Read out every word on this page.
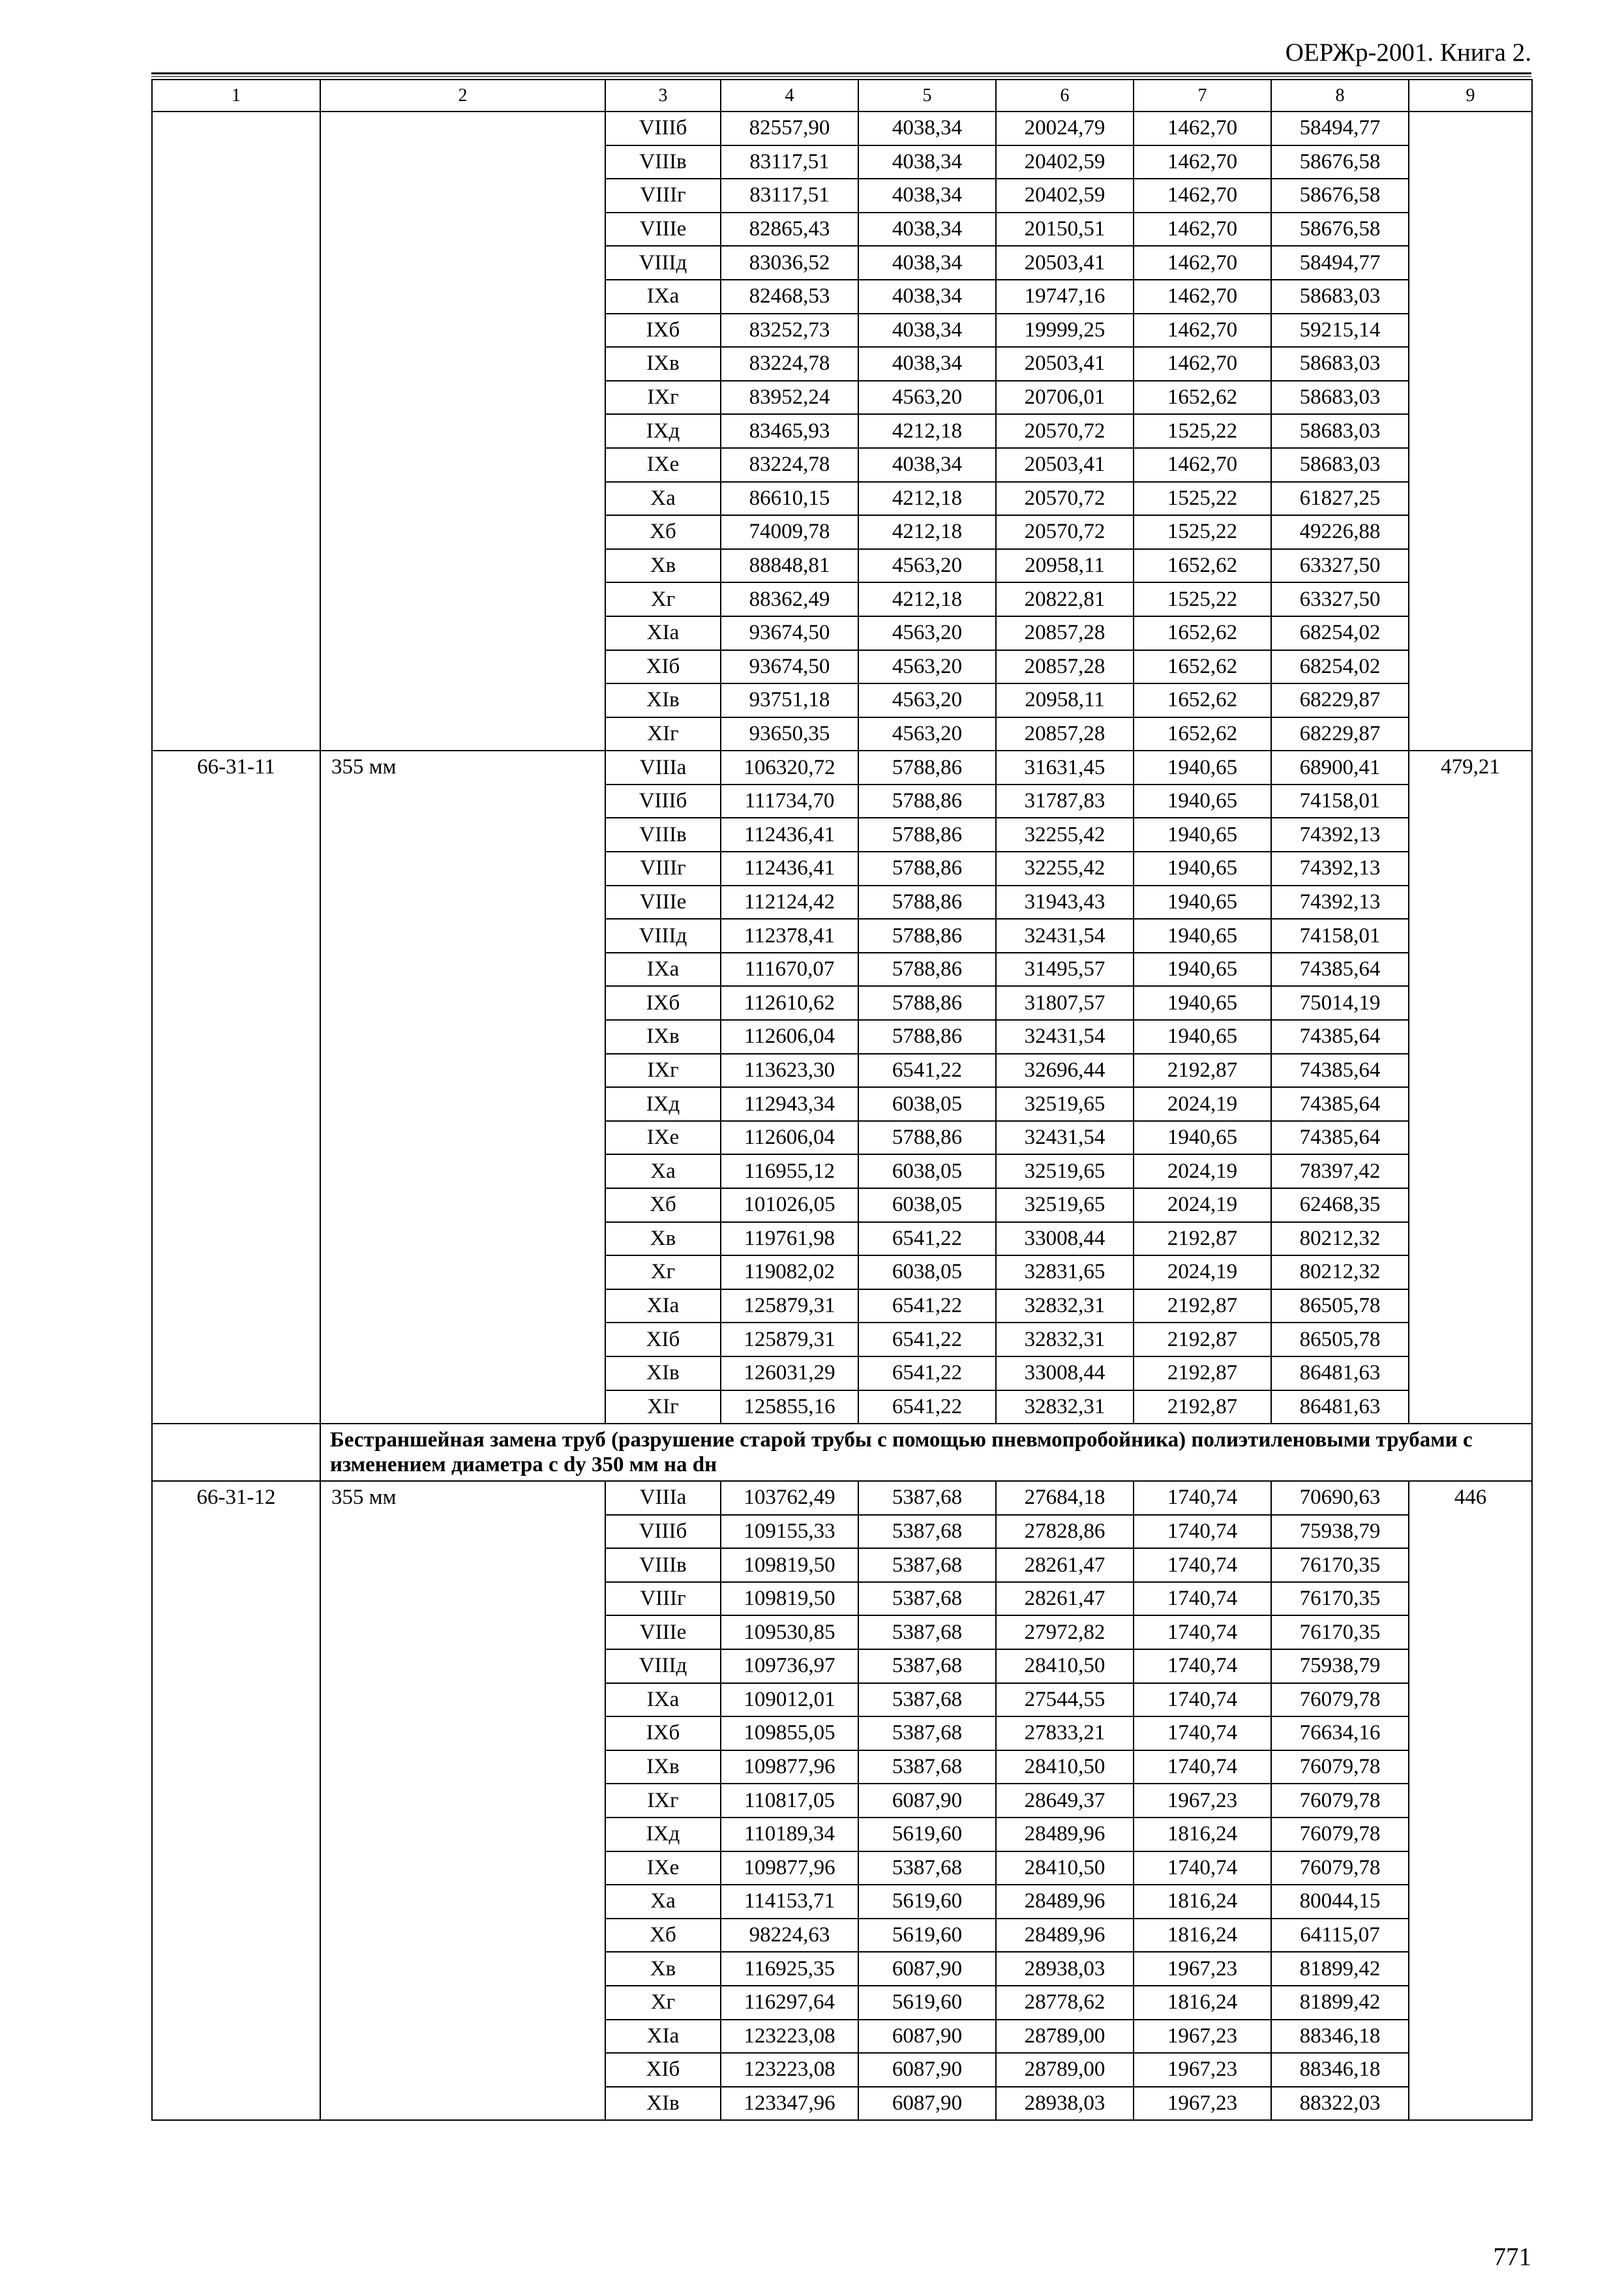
ОЕРЖр-2001. Книга 2.
1	2	3	4	5	6	7	8	9
		VIIIб	82557,90	4038,34	20024,79	1462,70	58494,77	
		VIIIв	83117,51	4038,34	20402,59	1462,70	58676,58	
		VIIIг	83117,51	4038,34	20402,59	1462,70	58676,58	
		VIIIe	82865,43	4038,34	20150,51	1462,70	58676,58	
		VIIIд	83036,52	4038,34	20503,41	1462,70	58494,77	
		IXa	82468,53	4038,34	19747,16	1462,70	58683,03	
		IXб	83252,73	4038,34	19999,25	1462,70	59215,14	
		IXв	83224,78	4038,34	20503,41	1462,70	58683,03	
		IXг	83952,24	4563,20	20706,01	1652,62	58683,03	
		IXд	83465,93	4212,18	20570,72	1525,22	58683,03	
		IXe	83224,78	4038,34	20503,41	1462,70	58683,03	
		Xa	86610,15	4212,18	20570,72	1525,22	61827,25	
		Xб	74009,78	4212,18	20570,72	1525,22	49226,88	
		Xв	88848,81	4563,20	20958,11	1652,62	63327,50	
		Xг	88362,49	4212,18	20822,81	1525,22	63327,50	
		XIa	93674,50	4563,20	20857,28	1652,62	68254,02	
		XIб	93674,50	4563,20	20857,28	1652,62	68254,02	
		XIв	93751,18	4563,20	20958,11	1652,62	68229,87	
		XIг	93650,35	4563,20	20857,28	1652,62	68229,87	
66-31-11	355 мм	VIIIa	106320,72	5788,86	31631,45	1940,65	68900,41	479,21
		VIIIб	111734,70	5788,86	31787,83	1940,65	74158,01	
		VIIIв	112436,41	5788,86	32255,42	1940,65	74392,13	
		VIIIг	112436,41	5788,86	32255,42	1940,65	74392,13	
		VIIIe	112124,42	5788,86	31943,43	1940,65	74392,13	
		VIIIд	112378,41	5788,86	32431,54	1940,65	74158,01	
		IXa	111670,07	5788,86	31495,57	1940,65	74385,64	
		IXб	112610,62	5788,86	31807,57	1940,65	75014,19	
		IXв	112606,04	5788,86	32431,54	1940,65	74385,64	
		IXг	113623,30	6541,22	32696,44	2192,87	74385,64	
		IXд	112943,34	6038,05	32519,65	2024,19	74385,64	
		IXe	112606,04	5788,86	32431,54	1940,65	74385,64	
		Xa	116955,12	6038,05	32519,65	2024,19	78397,42	
		Xб	101026,05	6038,05	32519,65	2024,19	62468,35	
		Xв	119761,98	6541,22	33008,44	2192,87	80212,32	
		Xг	119082,02	6038,05	32831,65	2024,19	80212,32	
		XIa	125879,31	6541,22	32832,31	2192,87	86505,78	
		XIб	125879,31	6541,22	32832,31	2192,87	86505,78	
		XIв	126031,29	6541,22	33008,44	2192,87	86481,63	
		XIг	125855,16	6541,22	32832,31	2192,87	86481,63	
	Бестраншейная замена труб (разрушение старой трубы с помощью пневмопробойника) полиэтиленовыми трубами с изменением диаметра с dу 350 мм на dн							
66-31-12	355 мм	VIIIa	103762,49	5387,68	27684,18	1740,74	70690,63	446
		VIIIб	109155,33	5387,68	27828,86	1740,74	75938,79	
		VIIIв	109819,50	5387,68	28261,47	1740,74	76170,35	
		VIIIг	109819,50	5387,68	28261,47	1740,74	76170,35	
		VIIIe	109530,85	5387,68	27972,82	1740,74	76170,35	
		VIIIд	109736,97	5387,68	28410,50	1740,74	75938,79	
		IXa	109012,01	5387,68	27544,55	1740,74	76079,78	
		IXб	109855,05	5387,68	27833,21	1740,74	76634,16	
		IXв	109877,96	5387,68	28410,50	1740,74	76079,78	
		IXг	110817,05	6087,90	28649,37	1967,23	76079,78	
		IXд	110189,34	5619,60	28489,96	1816,24	76079,78	
		IXe	109877,96	5387,68	28410,50	1740,74	76079,78	
		Xa	114153,71	5619,60	28489,96	1816,24	80044,15	
		Xб	98224,63	5619,60	28489,96	1816,24	64115,07	
		Xв	116925,35	6087,90	28938,03	1967,23	81899,42	
		Xг	116297,64	5619,60	28778,62	1816,24	81899,42	
		XIa	123223,08	6087,90	28789,00	1967,23	88346,18	
		XIб	123223,08	6087,90	28789,00	1967,23	88346,18	
		XIв	123347,96	6087,90	28938,03	1967,23	88322,03	
771
